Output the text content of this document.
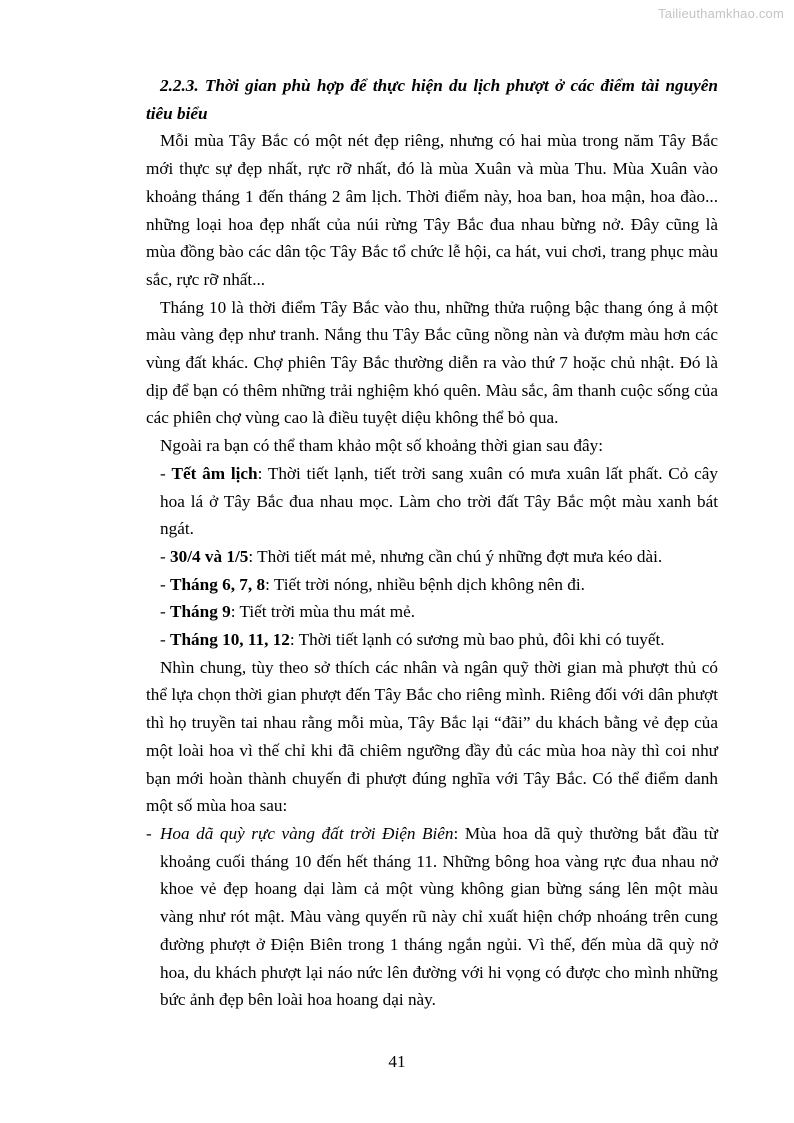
Tailieuthamkhao.com

2.2.3. Thời gian phù hợp để thực hiện du lịch phượt ở các điểm tài nguyên tiêu biểu

Mỗi mùa Tây Bắc có một nét đẹp riêng, nhưng có hai mùa trong năm Tây Bắc mới thực sự đẹp nhất, rực rỡ nhất, đó là mùa Xuân và mùa Thu. Mùa Xuân vào khoảng tháng 1 đến tháng 2 âm lịch. Thời điểm này, hoa ban, hoa mận, hoa đào... những loại hoa đẹp nhất của núi rừng Tây Bắc đua nhau bừng nở. Đây cũng là mùa đồng bào các dân tộc Tây Bắc tổ chức lễ hội, ca hát, vui chơi, trang phục màu sắc, rực rỡ nhất...

Tháng 10 là thời điểm Tây Bắc vào thu, những thửa ruộng bậc thang óng ả một màu vàng đẹp như tranh. Nắng thu Tây Bắc cũng nồng nàn và đượm màu hơn các vùng đất khác. Chợ phiên Tây Bắc thường diễn ra vào thứ 7 hoặc chủ nhật. Đó là dịp để bạn có thêm những trải nghiệm khó quên. Màu sắc, âm thanh cuộc sống của các phiên chợ vùng cao là điều tuyệt diệu không thể bỏ qua.

Ngoài ra bạn có thể tham khảo một số khoảng thời gian sau đây:

- Tết âm lịch: Thời tiết lạnh, tiết trời sang xuân có mưa xuân lất phất. Cỏ cây hoa lá ở Tây Bắc đua nhau mọc. Làm cho trời đất Tây Bắc một màu xanh bát ngát.

- 30/4 và 1/5: Thời tiết mát mẻ, nhưng cần chú ý những đợt mưa kéo dài.

- Tháng 6, 7, 8: Tiết trời nóng, nhiều bệnh dịch không nên đi.

- Tháng 9: Tiết trời mùa thu mát mẻ.

- Tháng 10, 11, 12: Thời tiết lạnh có sương mù bao phủ, đôi khi có tuyết.

Nhìn chung, tùy theo sở thích các nhân và ngân quỹ thời gian mà phượt thủ có thể lựa chọn thời gian phượt đến Tây Bắc cho riêng mình. Riêng đối với dân phượt thì họ truyền tai nhau rằng mỗi mùa, Tây Bắc lại “đãi” du khách bằng vẻ đẹp của một loài hoa vì thế chỉ khi đã chiêm ngưỡng đầy đủ các mùa hoa này thì coi như bạn mới hoàn thành chuyến đi phượt đúng nghĩa với Tây Bắc. Có thể điểm danh một số mùa hoa sau:

- Hoa dã quỳ rực vàng đất trời Điện Biên: Mùa hoa dã quỳ thường bắt đầu từ khoảng cuối tháng 10 đến hết tháng 11. Những bông hoa vàng rực đua nhau nở khoe vẻ đẹp hoang dại làm cả một vùng không gian bừng sáng lên một màu vàng như rót mật. Màu vàng quyến rũ này chỉ xuất hiện chớp nhoáng trên cung đường phượt ở Điện Biên trong 1 tháng ngắn ngủi. Vì thế, đến mùa dã quỳ nở hoa, du khách phượt lại náo nức lên đường với hi vọng có được cho mình những bức ảnh đẹp bên loài hoa hoang dại này.

41
